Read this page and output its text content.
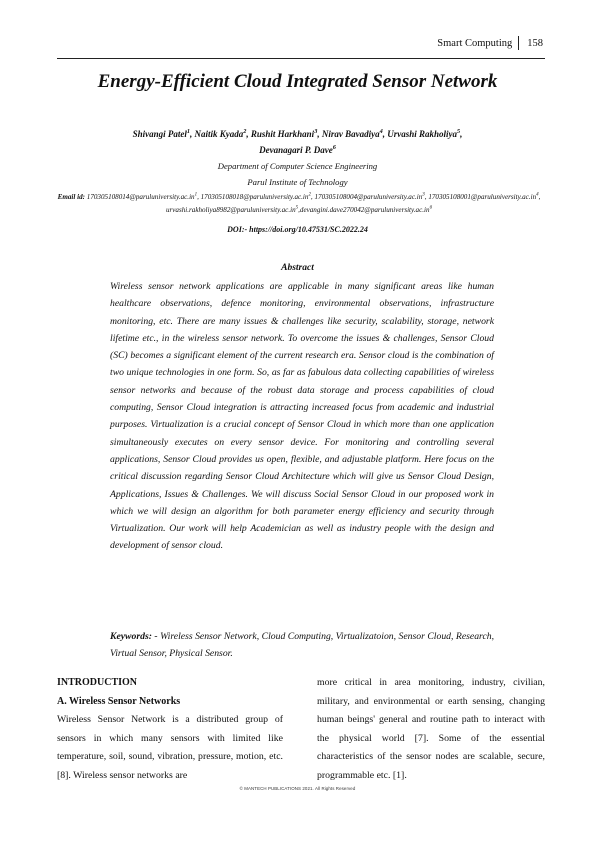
Smart Computing	158
Energy-Efficient Cloud Integrated Sensor Network
Shivangi Patel$^1$, Naitik Kyada$^2$, Rushit Harkhani$^3$, Nirav Bavadiya$^4$, Urvashi Rakholiya$^5$,
Devanagari P. Dave$^6$
Department of Computer Science Engineering
Parul Institute of Technology
Email id: $170305108014@paruluniversity.ac.in^1$, $170305108018@paruluniversity.ac.in^2$, $170305108004@paruluniversity.ac.in^3$, $170305108001@paruluniversity.ac.in^4$, $urvashi.rakholiya8982@paruluniversity.ac.in^5,devangini.dave270042@paruluniversity.ac.in^6$
DOI:- https://doi.org/10.47531/SC.2022.24
Abstract
Wireless sensor network applications are applicable in many significant areas like human healthcare observations, defence monitoring, environmental observations, infrastructure monitoring, etc. There are many issues & challenges like security, scalability, storage, network lifetime etc., in the wireless sensor network. To overcome the issues & challenges, Sensor Cloud (SC) becomes a significant element of the current research era. Sensor cloud is the combination of two unique technologies in one form. So, as far as fabulous data collecting capabilities of wireless sensor networks and because of the robust data storage and process capabilities of cloud computing, Sensor Cloud integration is attracting increased focus from academic and industrial purposes. Virtualization is a crucial concept of Sensor Cloud in which more than one application simultaneously executes on every sensor device. For monitoring and controlling several applications, Sensor Cloud provides us open, flexible, and adjustable platform. Here focus on the critical discussion regarding Sensor Cloud Architecture which will give us Sensor Cloud Design, Applications, Issues & Challenges. We will discuss Social Sensor Cloud in our proposed work in which we will design an algorithm for both parameter energy efficiency and security through Virtualization. Our work will help Academician as well as industry people with the design and development of sensor cloud.
Keywords: - Wireless Sensor Network, Cloud Computing, Virtualizatoion, Sensor Cloud, Research, Virtual Sensor, Physical Sensor.
INTRODUCTION
A. Wireless Sensor Networks
Wireless Sensor Network is a distributed group of sensors in which many sensors with limited like temperature, soil, sound, vibration, pressure, motion, etc. [8]. Wireless sensor networks are
more critical in area monitoring, industry, civilian, military, and environmental or earth sensing, changing human beings' general and routine path to interact with the physical world [7]. Some of the essential characteristics of the sensor nodes are scalable, secure, programmable etc. [1].
© MANTECH PUBLICATIONS 2021. All Rights Reserved
